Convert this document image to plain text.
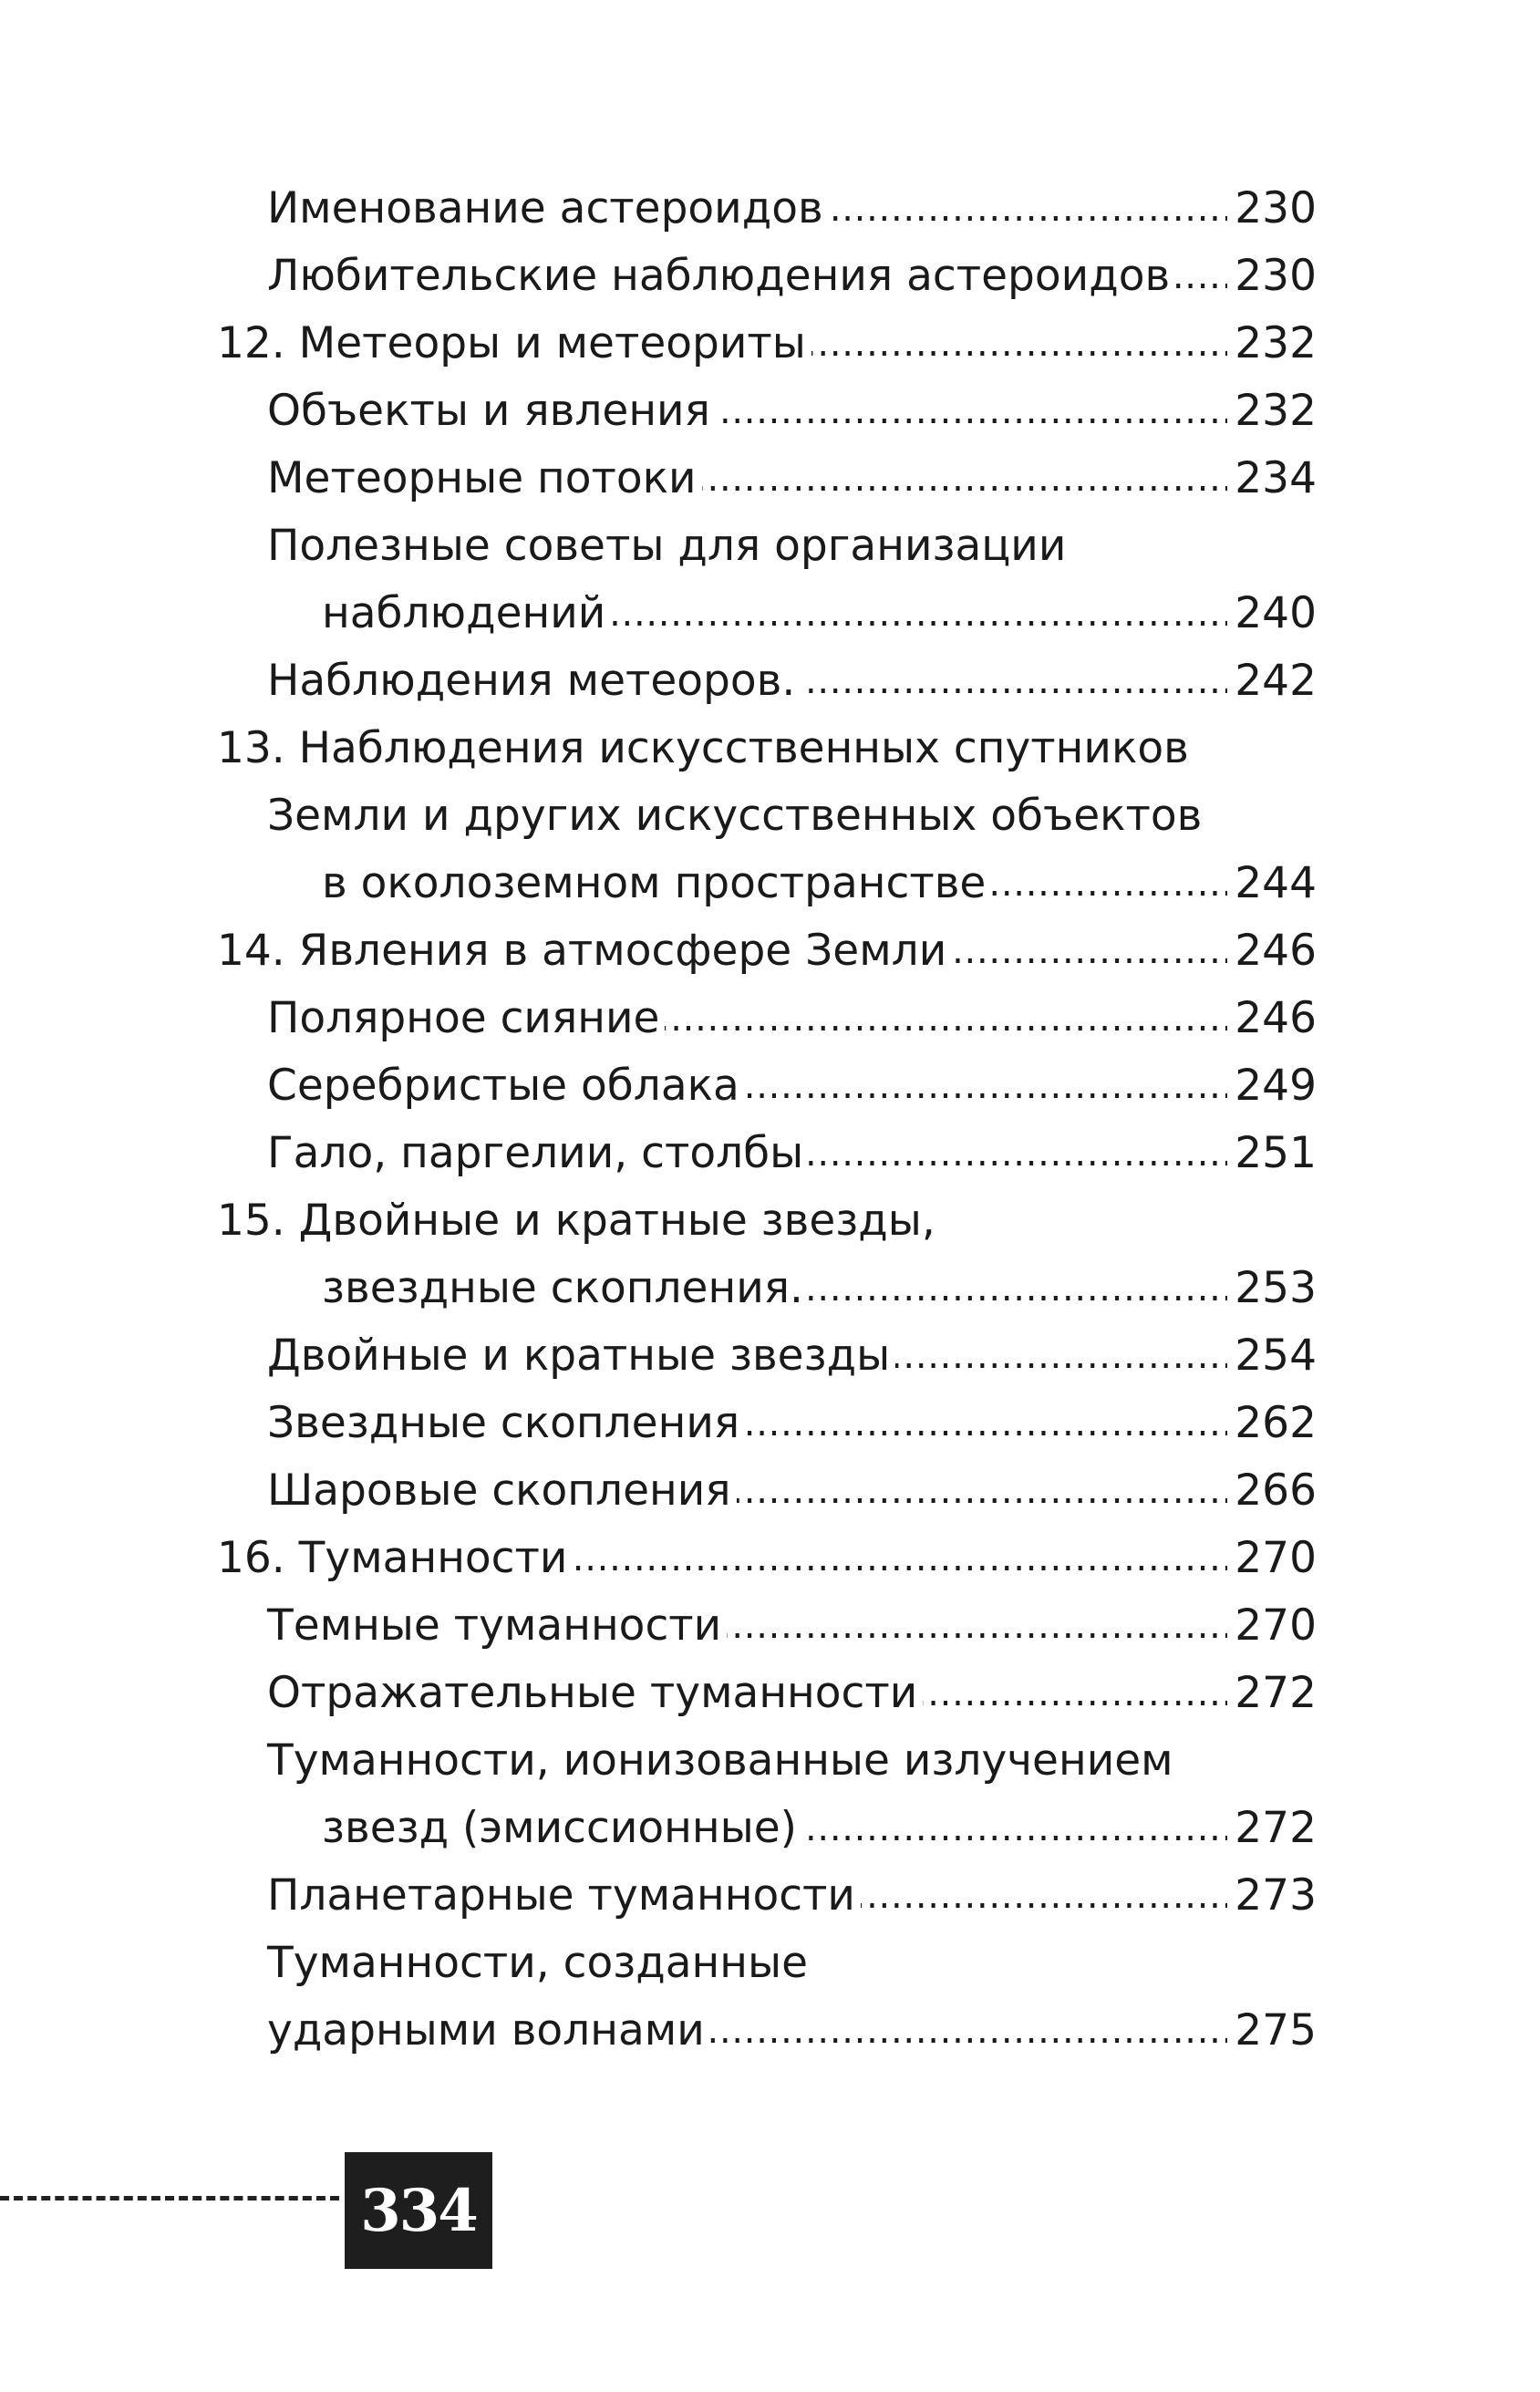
Именование астероидов . . .	230
Любительские наблюдения астероидов . . . 230
12. Метеоры и метеориты . . .	232
Объекты и явления . . .	232
Метеорные потоки . . .	234
Полезные советы для организации
наблюдений . . .	240
Наблюдения метеоров. . . .	242
13. Наблюдения искусственных спутников
Земли и других искусственных объектов
в околоземном пространстве . . .	244
14. Явления в атмосфере Земли . . .	246
Полярное сияние . . .	246
Серебристые облака . . .	249
Гало, паргелии, столбы . . .	251
15. Двойные и кратные звезды,
звездные скопления. . . .	253
Двойные и кратные звезды . . .	254
Звездные скопления . . .	262
Шаровые скопления . . .	266
16. Туманности . . .	270
Темные туманности . . .	270
Отражательные туманности . . .	272
Туманности, ионизованные излучением
звезд (эмиссионные) . . .	272
Планетарные туманности . . .	273
Туманности, созданные
ударными волнами . . .	275
334
